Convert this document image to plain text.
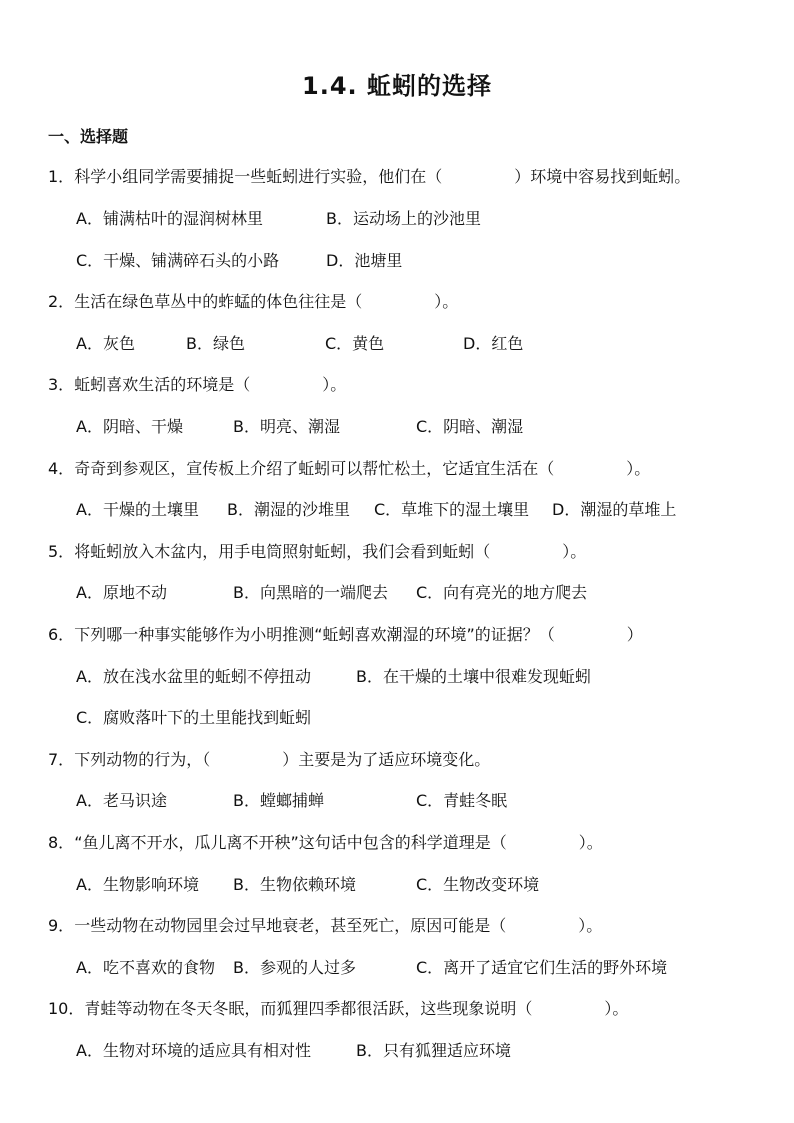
1.4. 蚯蚓的选择
一、选择题
1．科学小组同学需要捕捉一些蚯蚓进行实验，他们在（	）环境中容易找到蚯蚓。
A．铺满枯叶的湿润树林里	B．运动场上的沙池里
C．干燥、铺满碎石头的小路	D．池塘里
2．生活在绿色草丛中的蚱蜢的体色往往是（	）。
A．灰色	B．绿色	C．黄色	D．红色
3．蚯蚓喜欢生活的环境是（	）。
A．阴暗、干燥	B．明亮、潮湿	C．阴暗、潮湿
4．奇奇到参观区，宣传板上介绍了蚯蚓可以帮忙松土，它适宜生活在（	）。
A．干燥的土壤里 B．潮湿的沙堆里 C．草堆下的湿土壤里 D．潮湿的草堆上
5．将蚯蚓放入木盆内，用手电筒照射蚯蚓，我们会看到蚯蚓（	）。
A．原地不动	B．向黑暗的一端爬去 C．向有亮光的地方爬去
6．下列哪一种事实能够作为小明推测“蚯蚓喜欢潮湿的环境”的证据？（	）
A．放在浅水盆里的蚯蚓不停扭动	B．在干燥的土壤中很难发现蚯蚓
C．腐败落叶下的土里能找到蚯蚓
7．下列动物的行为，（	）主要是为了适应环境变化。
A．老马识途	B．螳螂捕蝉	C．青蛙冬眠
8．“鱼儿离不开水，瓜儿离不开秧”这句话中包含的科学道理是（	）。
A．生物影响环境 B．生物依赖环境	C．生物改变环境
9．一些动物在动物园里会过早地衰老，甚至死亡，原因可能是（	）。
A．吃不喜欢的食物 B．参观的人过多	C．离开了适宜它们生活的野外环境
10．青蛙等动物在冬天冬眠，而狐狸四季都很活跃，这些现象说明（	）。
A．生物对环境的适应具有相对性	B．只有狐狸适应环境
